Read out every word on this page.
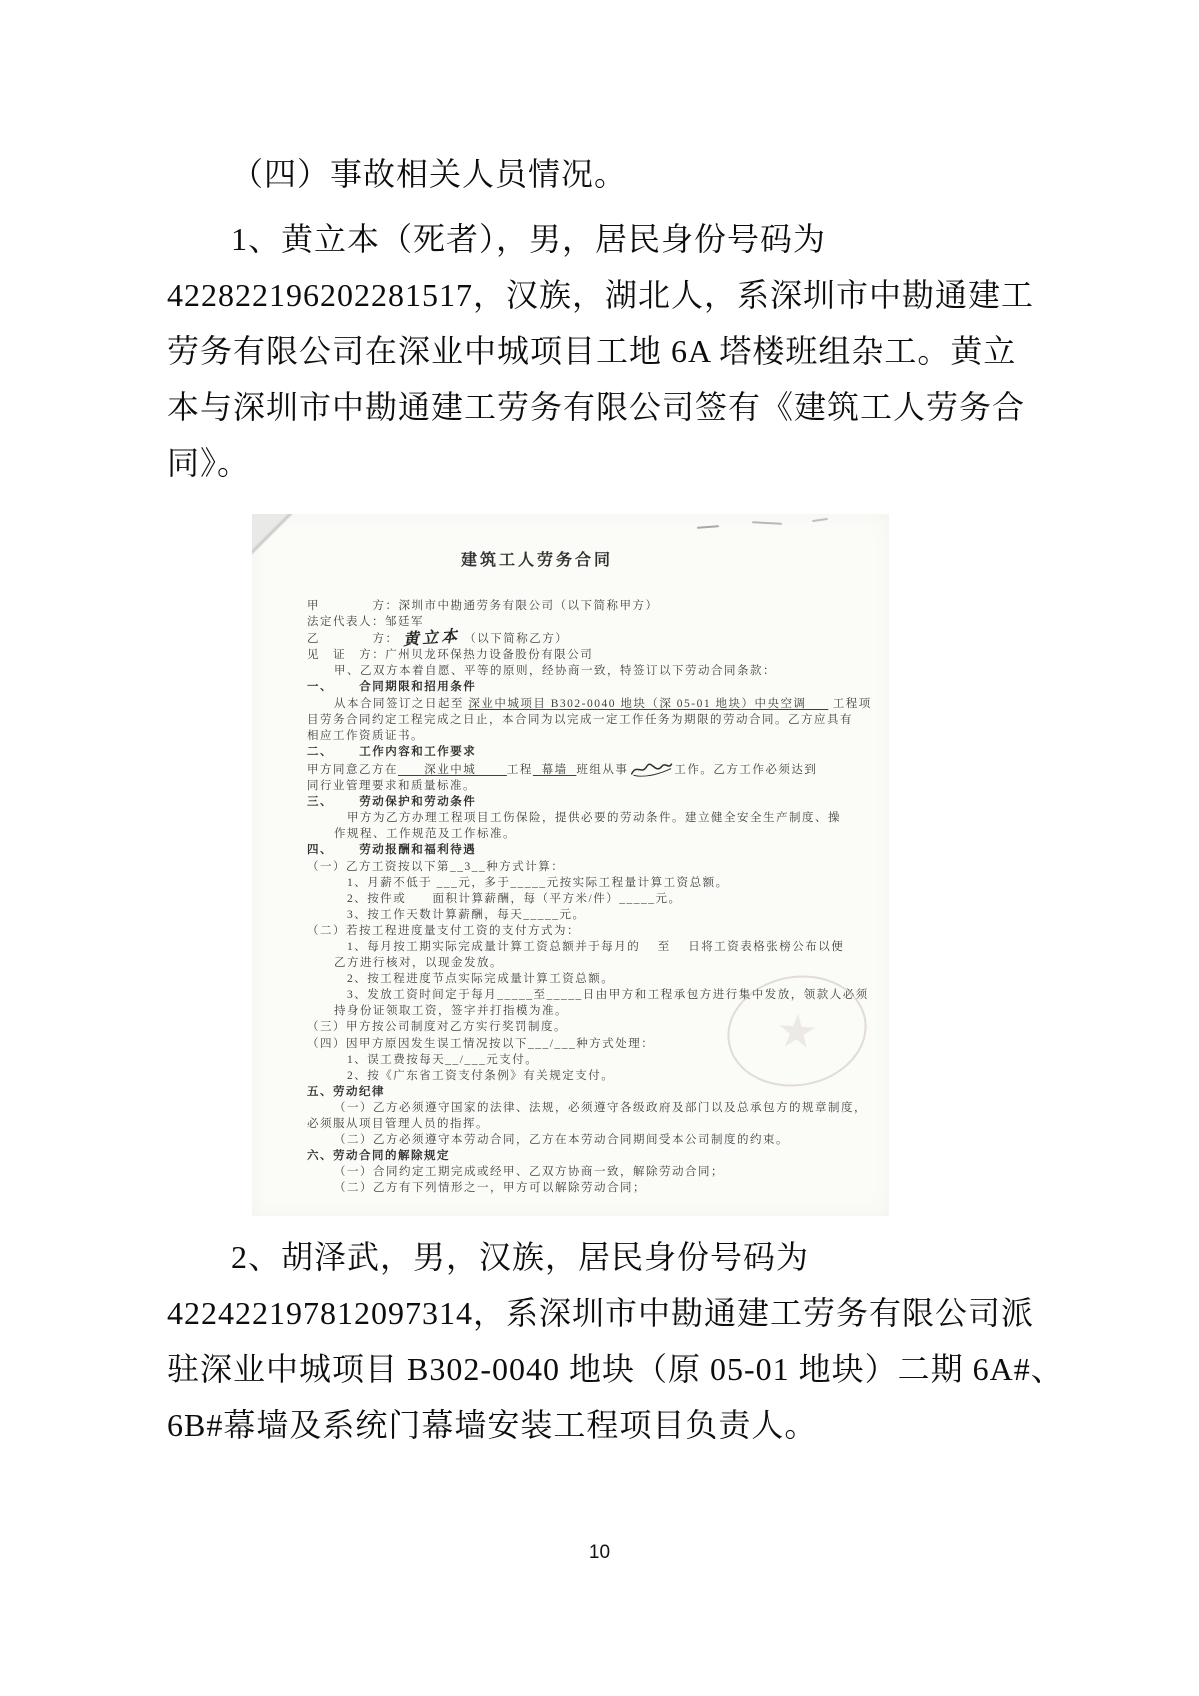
（四）事故相关人员情况。
1、黄立本（死者），男，居民身份号码为
422822196202281517，汉族，湖北人，系深圳市中勘通建工
劳务有限公司在深业中城项目工地 6A 塔楼班组杂工。黄立
本与深圳市中勘通建工劳务有限公司签有《建筑工人劳务合
同》。
建筑工人劳务合同
甲            方：深圳市中勘通劳务有限公司（以下简称甲方）
法定代表人：邹廷军
乙            方： 黄立本 （以下简称乙方）
见   证   方：广州贝龙环保热力设备股份有限公司
甲、乙双方本着自愿、平等的原则，经协商一致，特签订以下劳动合同条款：
一、      合同期限和招用条件
从本合同签订之日起至 深业中城项目 B302-0040 地块（深 05-01 地块）中央空调      工程项
目劳务合同约定工程完成之日止，本合同为以完成一定工作任务为期限的劳动合同。乙方应具有
相应工作资质证书。
二、      工作内容和工作要求
甲方同意乙方在      深业中城       工程  幕墙  班组从事	工作。乙方工作必须达到
同行业管理要求和质量标准。
三、      劳动保护和劳动条件
甲方为乙方办理工程项目工伤保险，提供必要的劳动条件。建立健全安全生产制度、操
作规程、工作规范及工作标准。
四、      劳动报酬和福利待遇
（一）乙方工资按以下第__3__种方式计算：
1、月薪不低于 ___元，多于_____元按实际工程量计算工资总额。
2、按件或      面积计算薪酬，每（平方米/件）_____元。
3、按工作天数计算薪酬，每天_____元。
（二）若按工程进度量支付工资的支付方式为：
1、每月按工期实际完成量计算工资总额并于每月的    至    日将工资表格张榜公布以便
乙方进行核对，以现金发放。
2、按工程进度节点实际完成量计算工资总额。
3、发放工资时间定于每月_____至_____日由甲方和工程承包方进行集中发放，领款人必须
持身份证领取工资，签字并打指模为准。
（三）甲方按公司制度对乙方实行奖罚制度。
（四）因甲方原因发生误工情况按以下___/___种方式处理：
1、误工费按每天__/___元支付。
2、按《广东省工资支付条例》有关规定支付。
五、劳动纪律
（一）乙方必须遵守国家的法律、法规，必须遵守各级政府及部门以及总承包方的规章制度，
必须服从项目管理人员的指挥。
（二）乙方必须遵守本劳动合同，乙方在本劳动合同期间受本公司制度的约束。
六、劳动合同的解除规定
（一）合同约定工期完成或经甲、乙双方协商一致，解除劳动合同；
（二）乙方有下列情形之一，甲方可以解除劳动合同；
★
2、胡泽武，男，汉族，居民身份号码为
422422197812097314，系深圳市中勘通建工劳务有限公司派
驻深业中城项目 B302-0040 地块（原 05-01 地块）二期 6A#、
6B#幕墙及系统门幕墙安装工程项目负责人。
10
